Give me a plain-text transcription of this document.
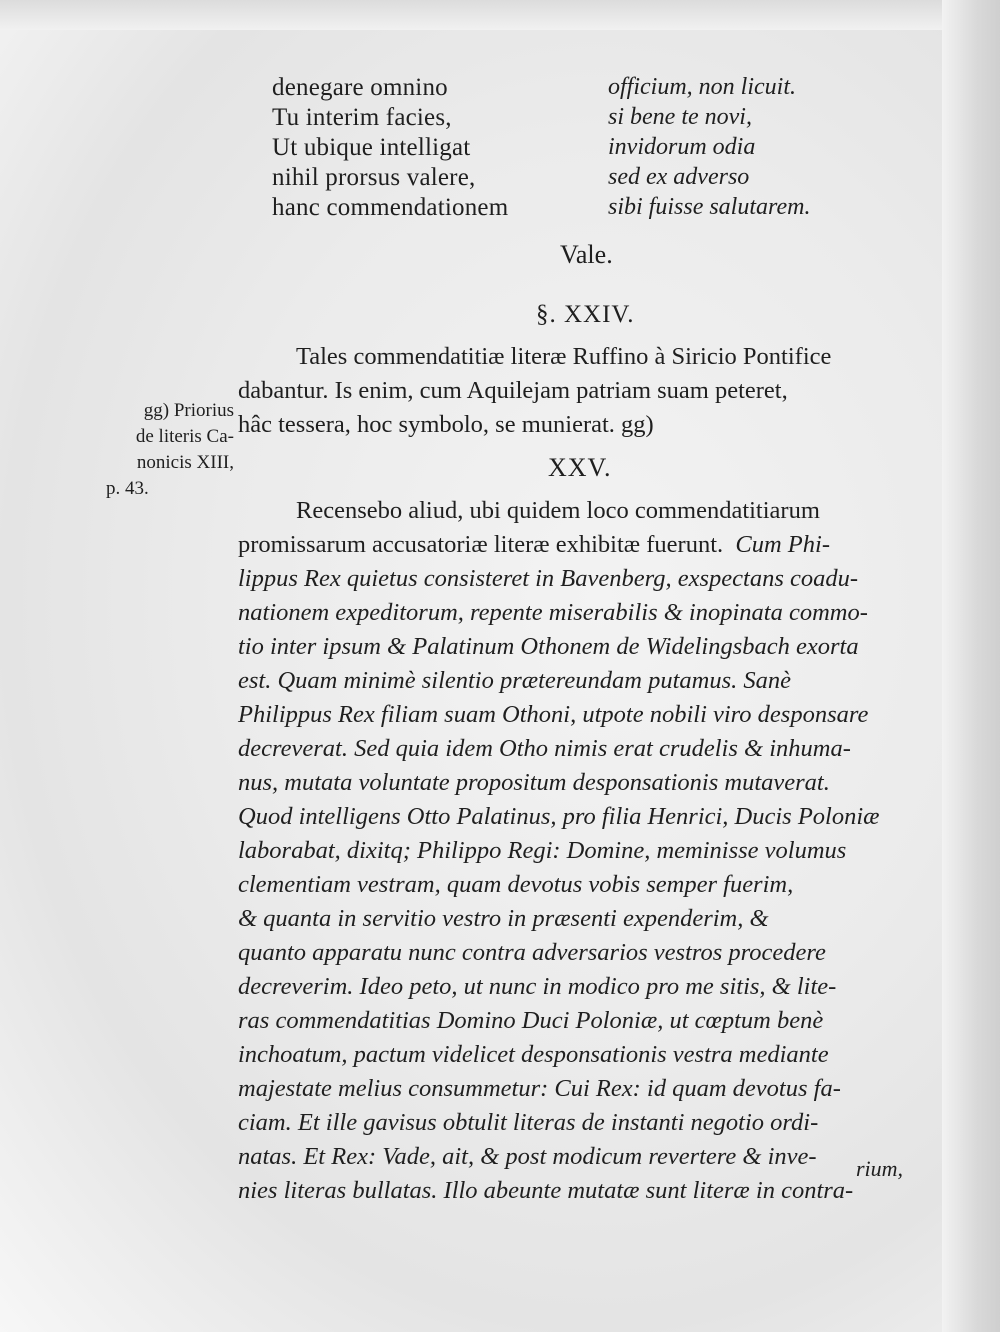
denegare omnino	officium, non licuit.
Tu interim facies,	si bene te novi,
Ut ubique intelligat	invidorum odia
nihil prorsus valere,	sed ex adverso
hanc commendationem	sibi fuisse salutarem.
Vale.
§. XXIV.
Tales commendatitiæ literæ Ruffino à Siricio Pontifice
dabantur. Is enim, cum Aquilejam patriam suam peteret,
hâc tessera, hoc symbolo, se munierat. gg)
gg) Priorius
de literis Ca-
nonicis XIII,
p. 43.
XXV.
Recensebo aliud, ubi quidem loco commendatitiarum
promissarum accusatoriæ literæ exhibitæ fuerunt. Cum Phi-
lippus Rex quietus consisteret in Bavenberg, exspectans coadu-
nationem expeditorum, repente miserabilis & inopinata commo-
tio inter ipsum & Palatinum Othonem de Widelingsbach exorta
est. Quam minimè silentio prætereundam putamus. Sanè
Philippus Rex filiam suam Othoni, utpote nobili viro desponsare
decreverat. Sed quia idem Otho nimis erat crudelis & inhuma-
nus, mutata voluntate propositum desponsationis mutaverat.
Quod intelligens Otto Palatinus, pro filia Henrici, Ducis Poloniæ
laborabat, dixitq; Philippo Regi: Domine, meminisse volumus
clementiam vestram, quam devotus vobis semper fuerim,
& quanta in servitio vestro in præsenti expenderim, &
quanto apparatu nunc contra adversarios vestros procedere
decreverim. Ideo peto, ut nunc in modico pro me sitis, & lite-
ras commendatitias Domino Duci Poloniæ, ut cœptum benè
inchoatum, pactum videlicet desponsationis vestra mediante
majestate melius consummetur: Cui Rex: id quam devotus fa-
ciam. Et ille gavisus obtulit literas de instanti negotio ordi-
natas. Et Rex: Vade, ait, & post modicum revertere & inve-
nies literas bullatas. Illo abeunte mutatæ sunt literæ in contra-
rium,
